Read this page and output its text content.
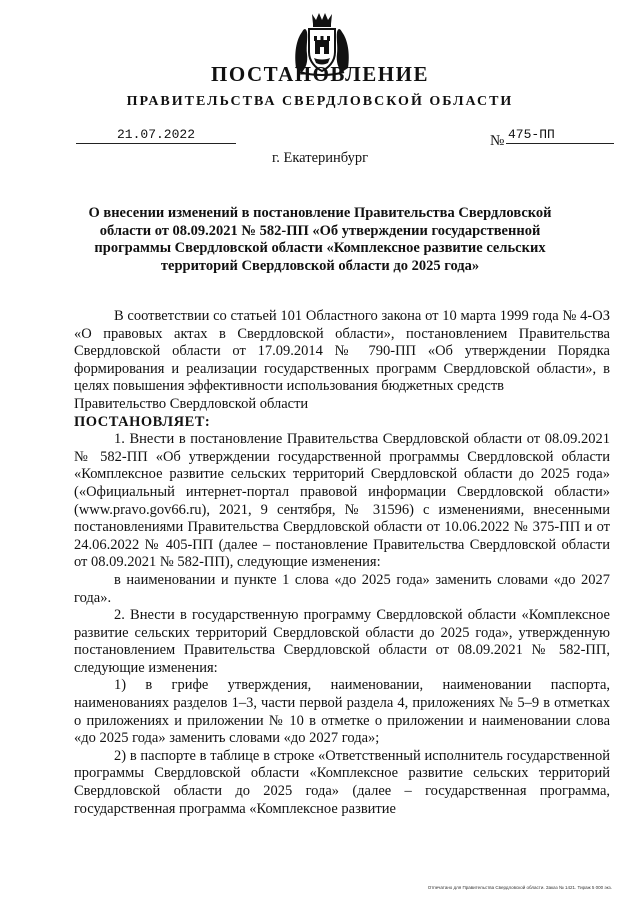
ПОСТАНОВЛЕНИЕ
ПРАВИТЕЛЬСТВА СВЕРДЛОВСКОЙ ОБЛАСТИ
21.07.2022	№ 475-ПП
г. Екатеринбург
О внесении изменений в постановление Правительства Свердловской области от 08.09.2021 № 582-ПП «Об утверждении государственной программы Свердловской области «Комплексное развитие сельских территорий Свердловской области до 2025 года»

В соответствии со статьей 101 Областного закона от 10 марта 1999 года № 4-ОЗ «О правовых актах в Свердловской области», постановлением Правительства Свердловской области от 17.09.2014 № 790-ПП «Об утверждении Порядка формирования и реализации государственных программ Свердловской области», в целях повышения эффективности использования бюджетных средств

Правительство Свердловской области

ПОСТАНОВЛЯЕТ:

1. Внести в постановление Правительства Свердловской области от 08.09.2021 № 582-ПП «Об утверждении государственной программы Свердловской области «Комплексное развитие сельских территорий Свердловской области до 2025 года» («Официальный интернет-портал правовой информации Свердловской области» (www.pravo.gov66.ru), 2021, 9 сентября, № 31596) с изменениями, внесенными постановлениями Правительства Свердловской области от 10.06.2022 № 375-ПП и от 24.06.2022 № 405-ПП (далее – постановление Правительства Свердловской области от 08.09.2021 № 582-ПП), следующие изменения:

в наименовании и пункте 1 слова «до 2025 года» заменить словами «до 2027 года».

2. Внести в государственную программу Свердловской области «Комплексное развитие сельских территорий Свердловской области до 2025 года», утвержденную постановлением Правительства Свердловской области от 08.09.2021 № 582-ПП, следующие изменения:

1) в грифе утверждения, наименовании, наименовании паспорта, наименованиях разделов 1–3, части первой раздела 4, приложениях № 5–9 в отметках о приложениях и приложении № 10 в отметке о приложении и наименовании слова «до 2025 года» заменить словами «до 2027 года»;

2) в паспорте в таблице в строке «Ответственный исполнитель государственной программы Свердловской области «Комплексное развитие сельских территорий Свердловской области до 2025 года» (далее – государственная программа, государственная программа «Комплексное развитие

Отпечатано для Правительства Свердловской области. Заказ № 1421. Тираж 5 000 экз.
